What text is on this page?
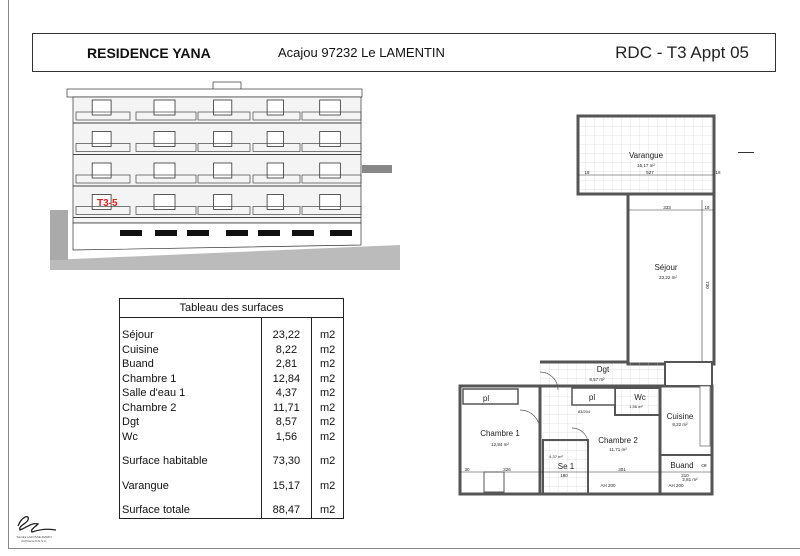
RESIDENCE YANA	Acajou 97232 Le LAMENTIN	RDC - T3 Appt 05
T3-5
Tableau des surfaces		

Séjour	23,22	m2
Cuisine	8,22	m2
Buand	2,81	m2
Chambre 1	12,84	m2
Salle d'eau 1	4,37	m2
Chambre 2	11,71	m2
Dgt	8,57	m2
Wc	1,56	m2

Surface habitable	73,30	m2

Varangue	15,17	m2

Surface totale	88,47	m2
Varangue
15,17 m²
Séjour
23,22 m²
Dgt
8,57 m²
Wc
1,56 m²
Cuisine
8,22 m²
Chambre 1
12,84 m²	Chambre 2
11,71 m²
Se 1
4,37 m²
Buand
2,81 m²
pl	pl
83/204
ce
18	527	18
333	18
730
30	326
180
301
210
AH 200	AH 200
Sandra LAFOSSE-MARIN
Architecte D.E.S.A.
